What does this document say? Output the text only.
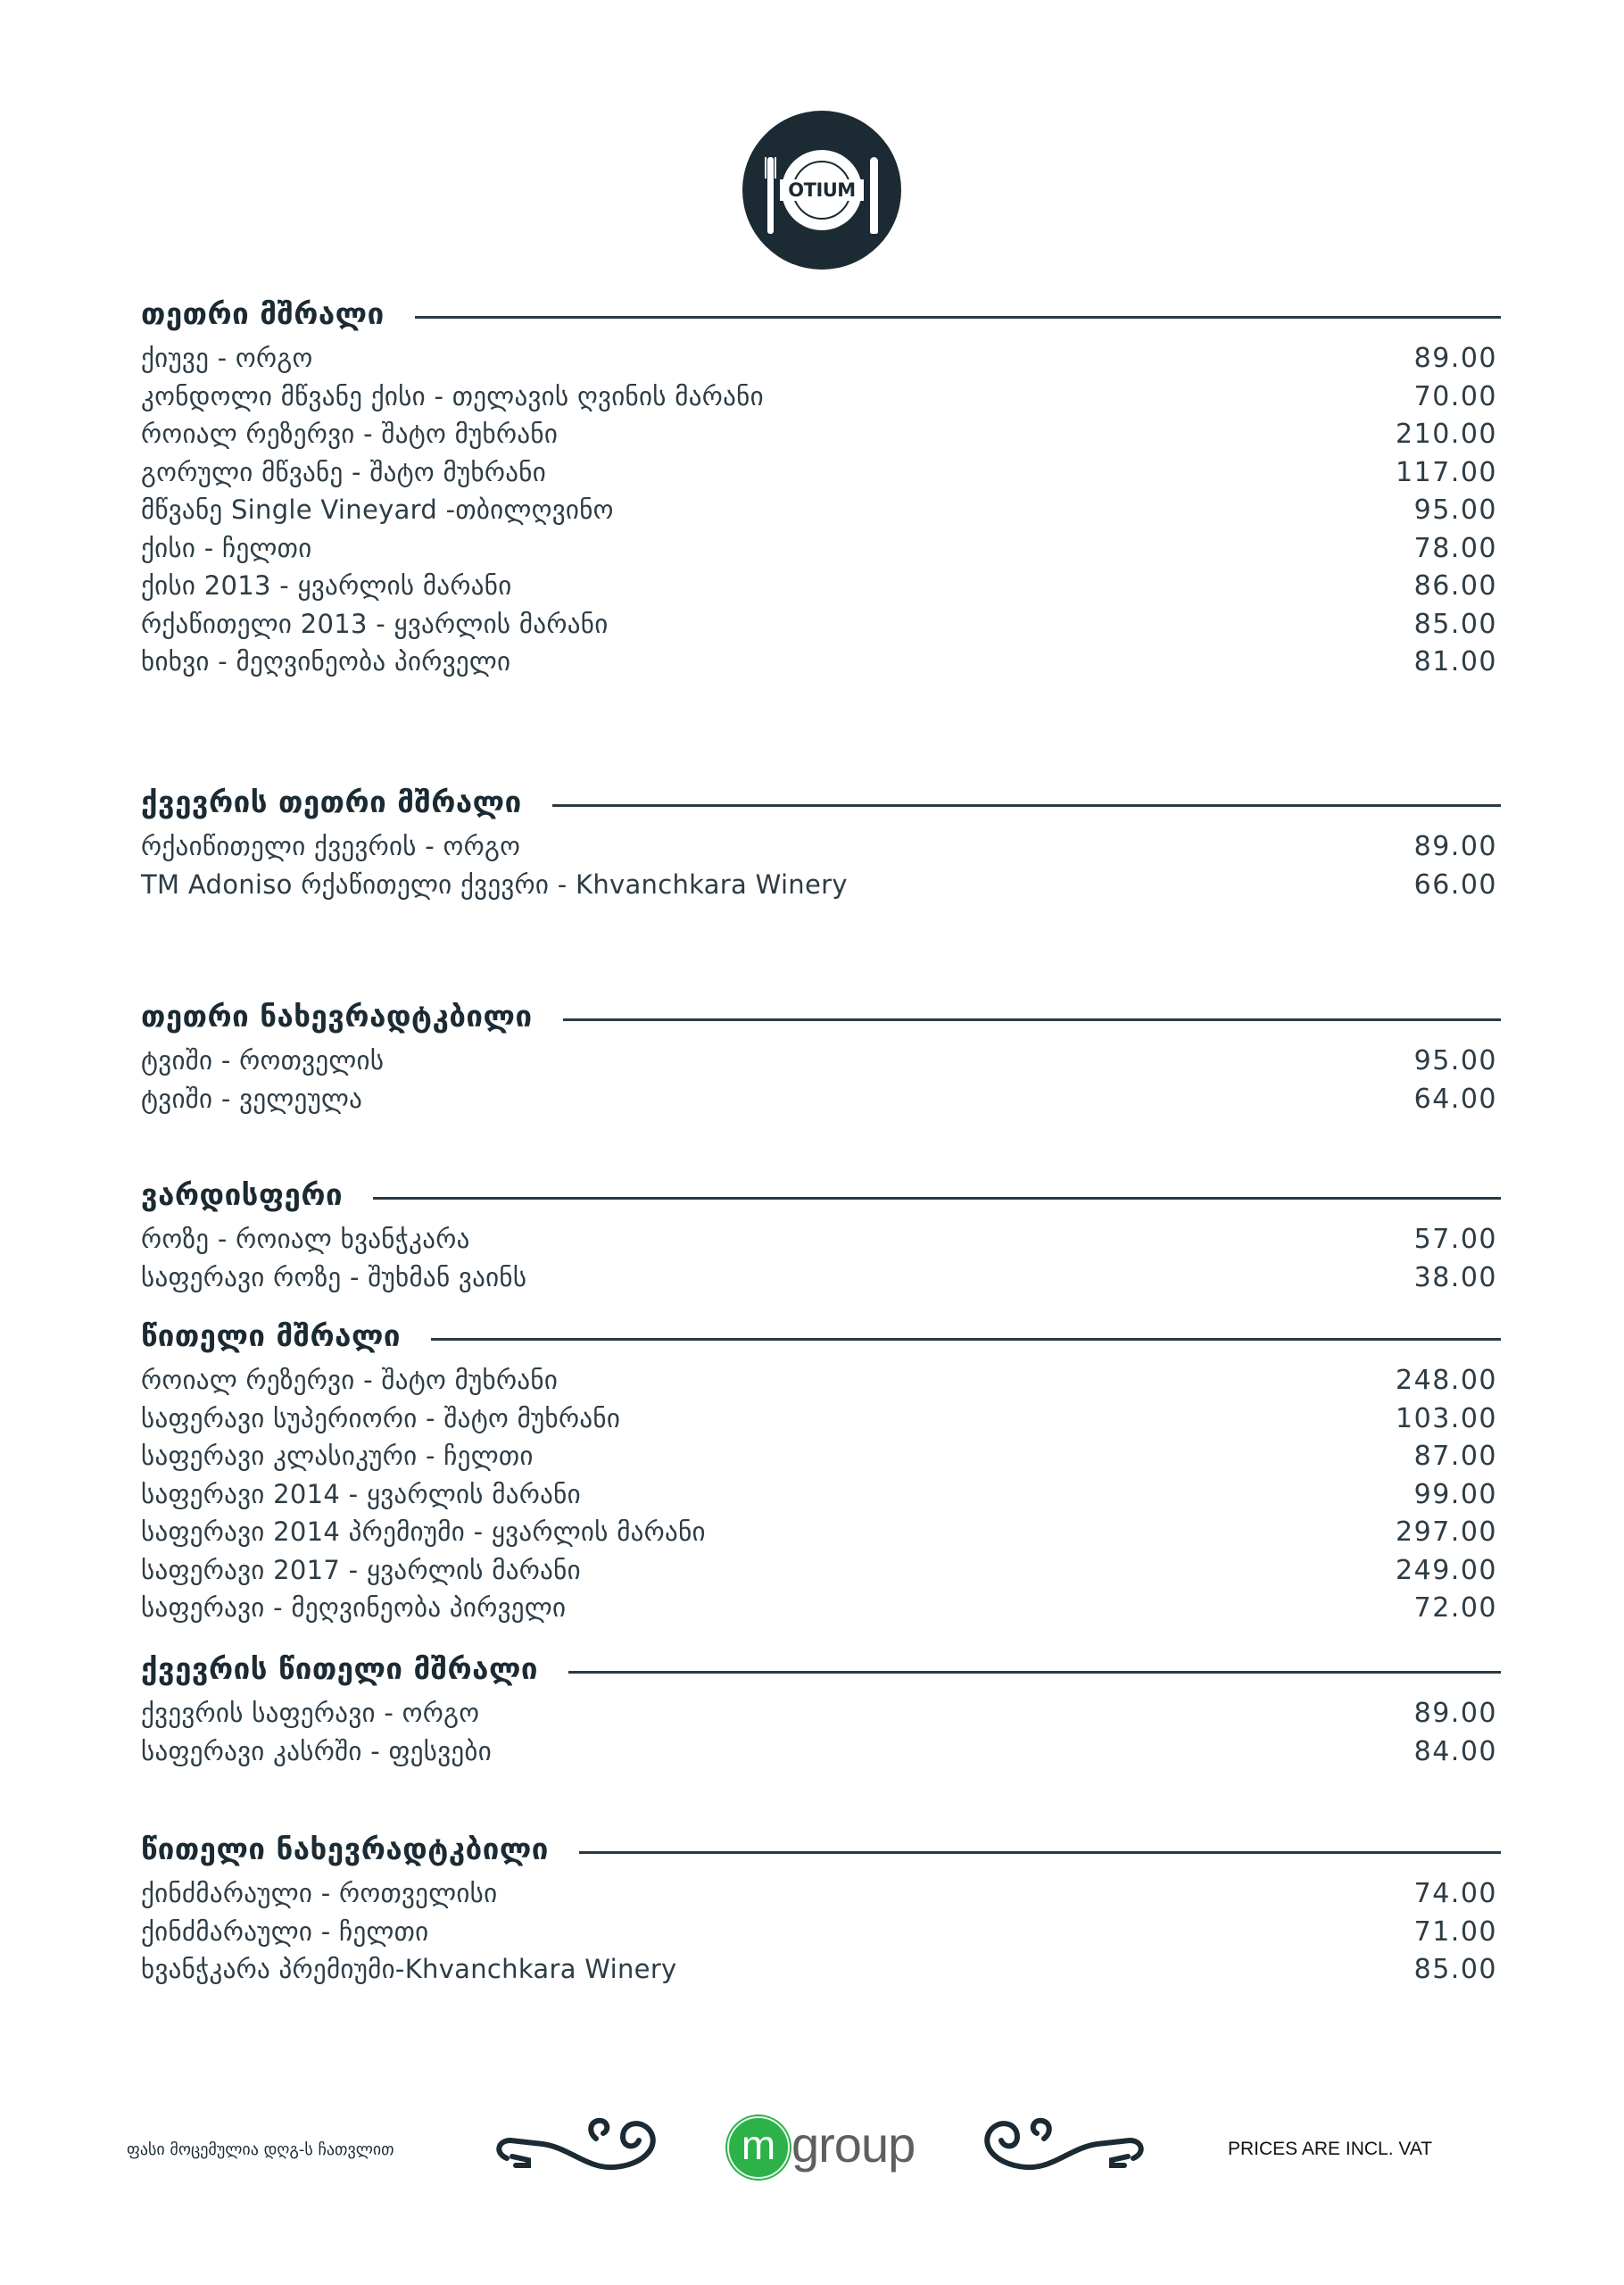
OTIUM
თეთრი მშრალი
ქიუვე - ორგო	89.00
კონდოლი მწვანე ქისი - თელავის ღვინის მარანი	70.00
როიალ რეზერვი - შატო მუხრანი	210.00
გორული მწვანე - შატო მუხრანი	117.00
მწვანე Single Vineyard -თბილღვინო	95.00
ქისი - ჩელთი	78.00
ქისი 2013 - ყვარლის მარანი	86.00
რქაწითელი 2013 - ყვარლის მარანი	85.00
ხიხვი - მეღვინეობა პირველი	81.00
ქვევრის თეთრი მშრალი
რქაიწითელი ქვევრის - ორგო	89.00
TM Adoniso რქაწითელი ქვევრი - Khvanchkara Winery	66.00
თეთრი ნახევრადტკბილი
ტვიში - როთველის	95.00
ტვიში - ველეულა	64.00
ვარდისფერი
როზე - როიალ ხვანჭკარა	57.00
საფერავი როზე - შუხმან ვაინს	38.00
წითელი მშრალი
როიალ რეზერვი - შატო მუხრანი	248.00
საფერავი სუპერიორი - შატო მუხრანი	103.00
საფერავი კლასიკური - ჩელთი	87.00
საფერავი 2014 - ყვარლის მარანი	99.00
საფერავი 2014 პრემიუმი - ყვარლის მარანი	297.00
საფერავი 2017 - ყვარლის მარანი	249.00
საფერავი - მეღვინეობა პირველი	72.00
ქვევრის წითელი მშრალი
ქვევრის საფერავი - ორგო	89.00
საფერავი კასრში - ფესვები	84.00
წითელი ნახევრადტკბილი
ქინძმარაული - როთველისი	74.00
ქინძმარაული - ჩელთი	71.00
ხვანჭკარა პრემიუმი-Khvanchkara Winery	85.00
ფასი მოცემულია დღგ-ს ჩათვლით	m group	PRICES ARE INCL. VAT
